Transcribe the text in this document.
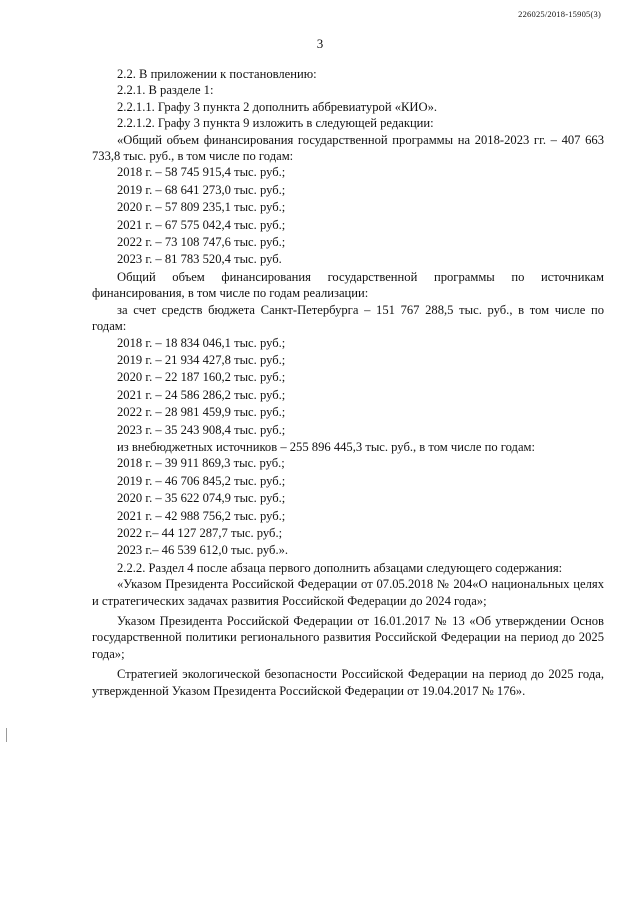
226025/2018-15905(3)
3

2.2. В приложении к постановлению:

2.2.1. В разделе 1:

2.2.1.1. Графу 3 пункта 2 дополнить аббревиатурой «КИО».

2.2.1.2. Графу 3 пункта 9 изложить в следующей редакции:

«Общий объем финансирования государственной программы на 2018-2023 гг. – 407 663 733,8 тыс. руб., в том числе по годам:

2018 г. – 58 745 915,4 тыс. руб.;

2019 г. – 68 641 273,0 тыс. руб.;

2020 г. – 57 809 235,1 тыс. руб.;

2021 г. – 67 575 042,4 тыс. руб.;

2022 г. – 73 108 747,6 тыс. руб.;

2023 г. – 81 783 520,4 тыс. руб.

Общий объем финансирования государственной программы по источникам финансирования, в том числе по годам реализации:

за счет средств бюджета Санкт-Петербурга – 151 767 288,5 тыс. руб., в том числе по годам:

2018 г. – 18 834 046,1 тыс. руб.;

2019 г. – 21 934 427,8 тыс. руб.;

2020 г. – 22 187 160,2 тыс. руб.;

2021 г. – 24 586 286,2 тыс. руб.;

2022 г. – 28 981 459,9 тыс. руб.;

2023 г. – 35 243 908,4 тыс. руб.;

из внебюджетных источников – 255 896 445,3 тыс. руб., в том числе по годам:

2018 г. – 39 911 869,3 тыс. руб.;

2019 г. – 46 706 845,2 тыс. руб.;

2020 г. – 35 622 074,9 тыс. руб.;

2021 г. – 42 988 756,2 тыс. руб.;

2022 г.– 44 127 287,7 тыс. руб.;

2023 г.– 46 539 612,0 тыс. руб.».

2.2.2. Раздел 4 после абзаца первого дополнить абзацами следующего содержания:

«Указом Президента Российской Федерации от 07.05.2018 № 204«О национальных целях и стратегических задачах развития Российской Федерации до 2024 года»;

Указом Президента Российской Федерации от 16.01.2017 № 13 «Об утверждении Основ государственной политики регионального развития Российской Федерации на период до 2025 года»;

Стратегией экологической безопасности Российской Федерации на период до 2025 года, утвержденной Указом Президента Российской Федерации от 19.04.2017 № 176».
